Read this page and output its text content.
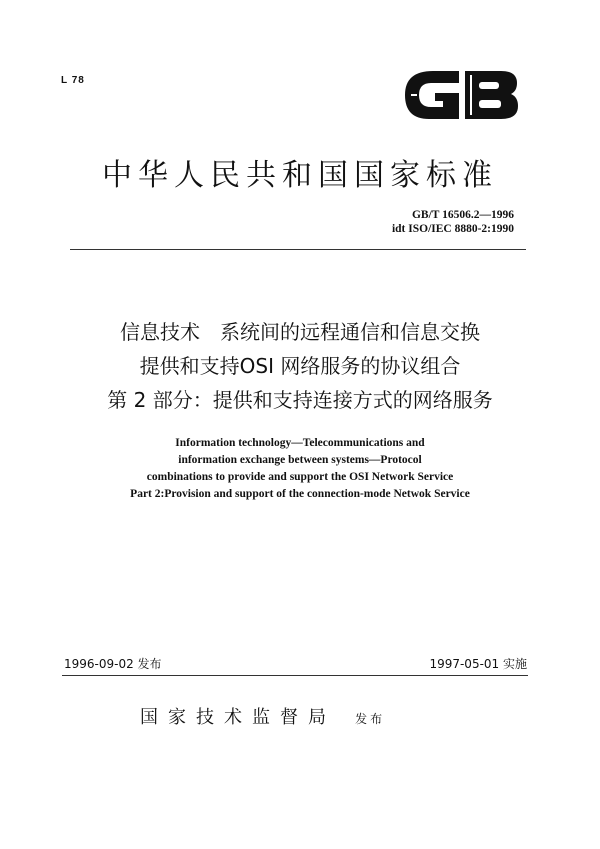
L 78
GB
中华人民共和国国家标准
GB/T 16506.2—1996
idt ISO/IEC 8880-2:1990
信息技术　系统间的远程通信和信息交换
提供和支持OSI 网络服务的协议组合
第 2 部分：提供和支持连接方式的网络服务
Information technology—Telecommunications and
information exchange between systems—Protocol
combinations to provide and support the OSI Network Service
Part 2:Provision and support of the connection-mode Netwok Service
1996-09-02 发布	1997-05-01 实施
国家技术监督局 发布
